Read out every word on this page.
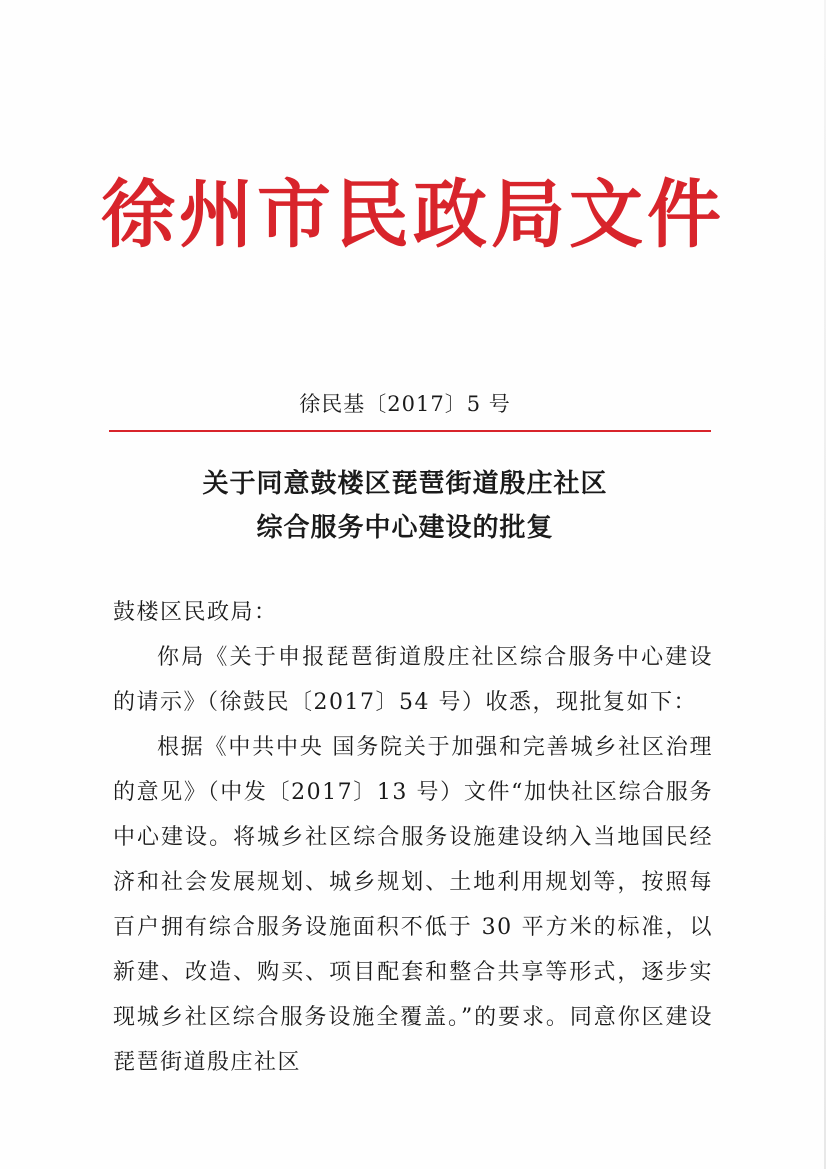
徐州市民政局文件
徐民基〔2017〕5 号
关于同意鼓楼区琵琶街道殷庄社区
综合服务中心建设的批复

鼓楼区民政局：

你局《关于申报琵琶街道殷庄社区综合服务中心建设的请示》（徐鼓民〔2017〕54 号）收悉，现批复如下：

根据《中共中央 国务院关于加强和完善城乡社区治理的意见》（中发〔2017〕13 号）文件“加快社区综合服务中心建设。将城乡社区综合服务设施建设纳入当地国民经济和社会发展规划、城乡规划、土地利用规划等，按照每百户拥有综合服务设施面积不低于 30 平方米的标准，以新建、改造、购买、项目配套和整合共享等形式，逐步实现城乡社区综合服务设施全覆盖。”的要求。同意你区建设琵琶街道殷庄社区
